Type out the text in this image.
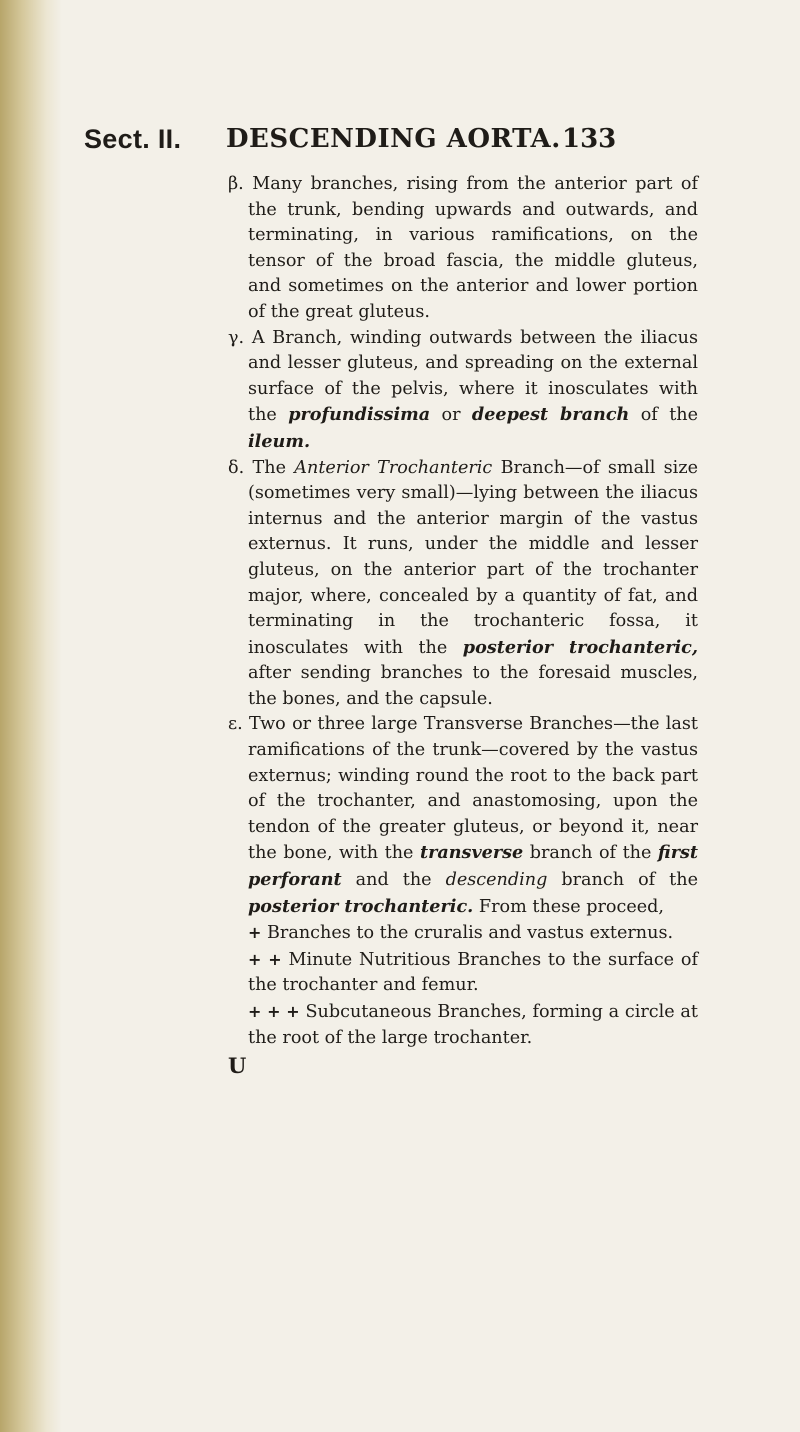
Sect. II. DESCENDING AORTA. 133

β. Many branches, rising from the anterior part of the trunk, bending upwards and outwards, and terminating, in various ramifications, on the tensor of the broad fascia, the middle gluteus, and sometimes on the anterior and lower portion of the great gluteus.

γ. A Branch, winding outwards between the iliacus and lesser gluteus, and spreading on the external surface of the pelvis, where it inosculates with the profundissima or deepest branch of the ileum.

δ. The Anterior Trochanteric Branch—of small size (sometimes very small)—lying between the iliacus internus and the anterior margin of the vastus externus. It runs, under the middle and lesser gluteus, on the anterior part of the trochanter major, where, concealed by a quantity of fat, and terminating in the trochanteric fossa, it inosculates with the posterior trochanteric, after sending branches to the foresaid muscles, the bones, and the capsule.

ε. Two or three large Transverse Branches—the last ramifications of the trunk—covered by the vastus externus; winding round the root to the back part of the trochanter, and anastomosing, upon the tendon of the greater gluteus, or beyond it, near the bone, with the transverse branch of the first perforant and the descending branch of the posterior trochanteric. From these proceed,

+ Branches to the cruralis and vastus externus.

+ + Minute Nutritious Branches to the surface of the trochanter and femur.

+ + + Subcutaneous Branches, forming a circle at the root of the large trochanter.

U
